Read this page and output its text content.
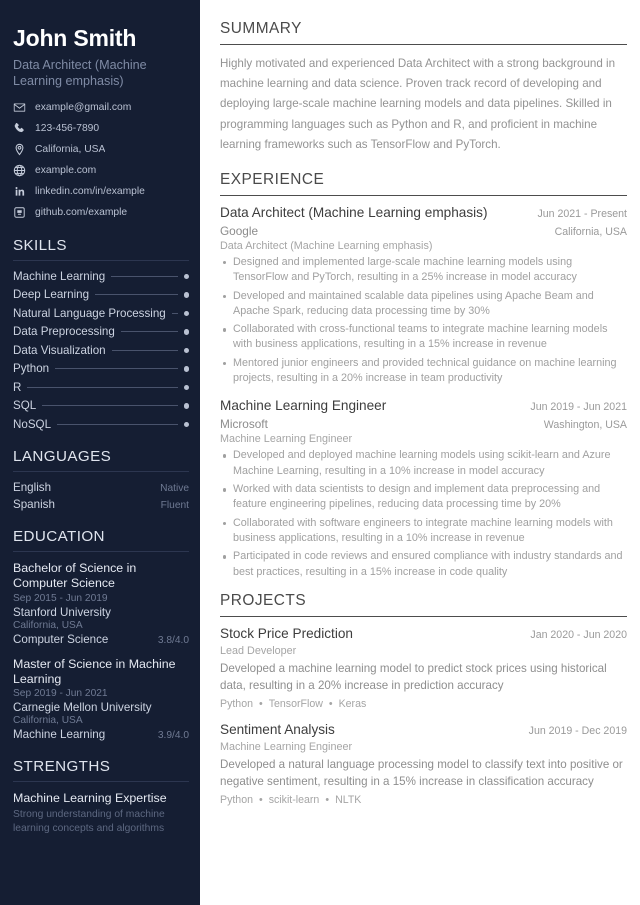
John Smith
Data Architect (Machine Learning emphasis)
example@gmail.com
123-456-7890
California, USA
example.com
linkedin.com/in/example
github.com/example
SKILLS
Machine Learning
Deep Learning
Natural Language Processing
Data Preprocessing
Data Visualization
Python
R
SQL
NoSQL
LANGUAGES
English	Native
Spanish	Fluent
EDUCATION
Bachelor of Science in Computer Science
Sep 2015 - Jun 2019
Stanford University
California, USA
Computer Science	3.8/4.0
Master of Science in Machine Learning
Sep 2019 - Jun 2021
Carnegie Mellon University
California, USA
Machine Learning	3.9/4.0
STRENGTHS
Machine Learning Expertise
Strong understanding of machine learning concepts and algorithms
SUMMARY

Highly motivated and experienced Data Architect with a strong background in machine learning and data science. Proven track record of developing and deploying large-scale machine learning models and data pipelines. Skilled in programming languages such as Python and R, and proficient in machine learning frameworks such as TensorFlow and PyTorch.

EXPERIENCE
Data Architect (Machine Learning emphasis)	Jun 2021 - Present
Google	California, USA
Data Architect (Machine Learning emphasis)
Designed and implemented large-scale machine learning models using TensorFlow and PyTorch, resulting in a 25% increase in model accuracy
Developed and maintained scalable data pipelines using Apache Beam and Apache Spark, reducing data processing time by 30%
Collaborated with cross-functional teams to integrate machine learning models with business applications, resulting in a 15% increase in revenue
Mentored junior engineers and provided technical guidance on machine learning projects, resulting in a 20% increase in team productivity
Machine Learning Engineer	Jun 2019 - Jun 2021
Microsoft	Washington, USA
Machine Learning Engineer
Developed and deployed machine learning models using scikit-learn and Azure Machine Learning, resulting in a 10% increase in model accuracy
Worked with data scientists to design and implement data preprocessing and feature engineering pipelines, reducing data processing time by 20%
Collaborated with software engineers to integrate machine learning models with business applications, resulting in a 10% increase in revenue
Participated in code reviews and ensured compliance with industry standards and best practices, resulting in a 15% increase in code quality
PROJECTS
Stock Price Prediction	Jan 2020 - Jun 2020
Lead Developer
Developed a machine learning model to predict stock prices using historical data, resulting in a 20% increase in prediction accuracy
Python • TensorFlow • Keras
Sentiment Analysis	Jun 2019 - Dec 2019
Machine Learning Engineer
Developed a natural language processing model to classify text into positive or negative sentiment, resulting in a 15% increase in classification accuracy
Python • scikit-learn • NLTK
